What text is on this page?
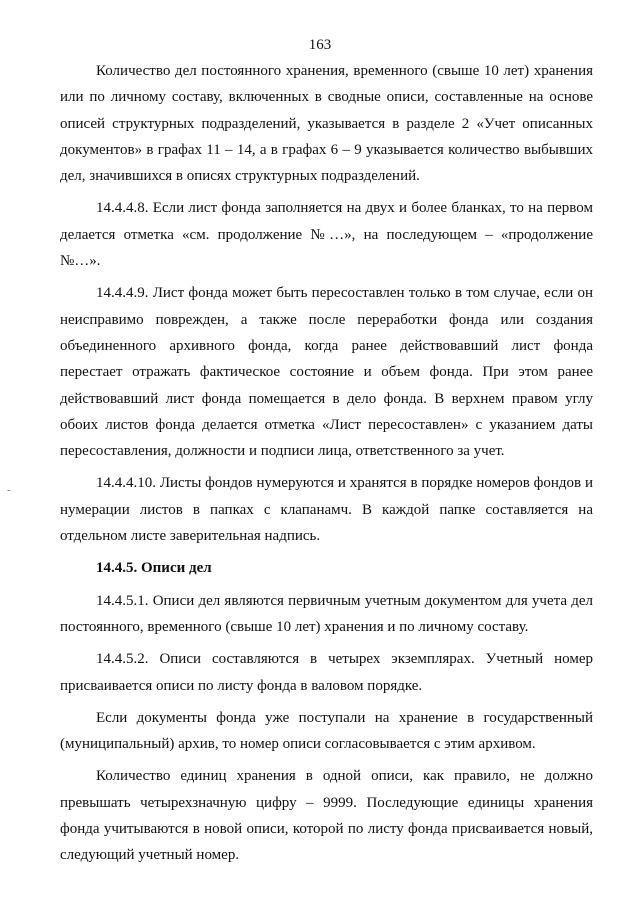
163
-

Количество дел постоянного хранения, временного (свыше 10 лет) хранения или по личному составу, включенных в сводные описи, составленные на основе описей структурных подразделений, указывается в разделе 2 «Учет описанных документов» в графах 11 – 14, а в графах 6 – 9 указывается количество выбывших дел, значившихся в описях структурных подразделений.

14.4.4.8. Если лист фонда заполняется на двух и более бланках, то на первом делается отметка «см. продолжение №…», на последующем – «продолжение №…».

14.4.4.9. Лист фонда может быть пересоставлен только в том случае, если он неисправимо поврежден, а также после переработки фонда или создания объединенного архивного фонда, когда ранее действовавший лист фонда перестает отражать фактическое состояние и объем фонда. При этом ранее действовавший лист фонда помещается в дело фонда. В верхнем правом углу обоих листов фонда делается отметка «Лист пересоставлен» с указанием даты пересоставления, должности и подписи лица, ответственного за учет.

14.4.4.10. Листы фондов нумеруются и хранятся в порядке номеров фондов и нумерации листов в папках с клапанамч. В каждой папке составляется на отдельном листе заверительная надпись.

14.4.5. Описи дел

14.4.5.1. Описи дел являются первичным учетным документом для учета дел постоянного, временного (свыше 10 лет) хранения и по личному составу.

14.4.5.2. Описи составляются в четырех экземплярах. Учетный номер присваивается описи по листу фонда в валовом порядке.

Если документы фонда уже поступали на хранение в государственный (муниципальный) архив, то номер описи согласовывается с этим архивом.

Количество единиц хранения в одной описи, как правило, не должно превышать четырехзначную цифру – 9999. Последующие единицы хранения фонда учитываются в новой описи, которой по листу фонда присваивается новый, следующий учетный номер.
